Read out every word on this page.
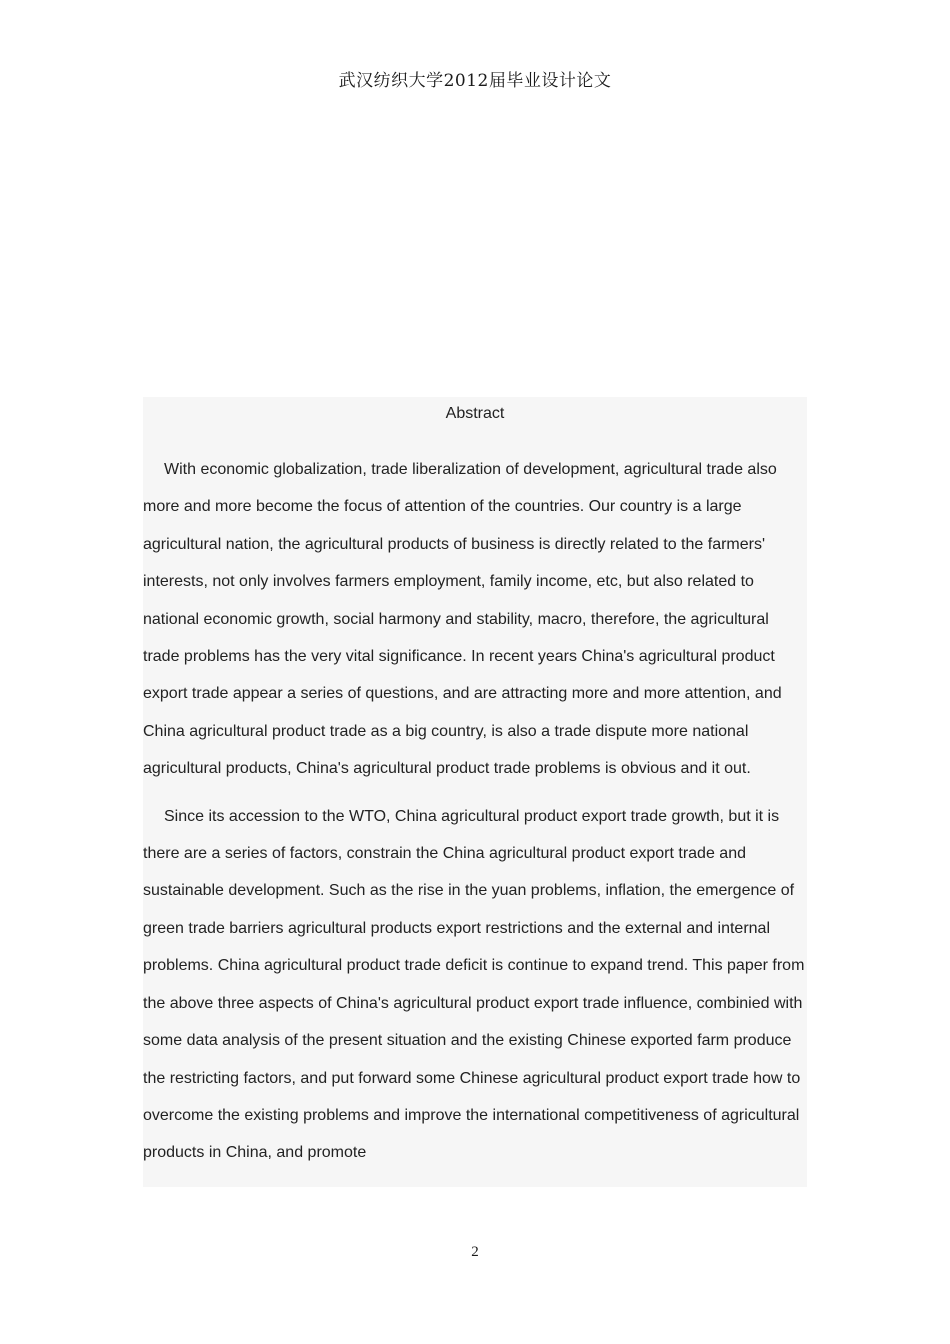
武汉纺织大学2012届毕业设计论文
Abstract

With economic globalization, trade liberalization of development, agricultural trade also more and more become the focus of attention of the countries. Our country is a large agricultural nation, the agricultural products of business is directly related to the farmers' interests, not only involves farmers employment, family income, etc, but also related to national economic growth, social harmony and stability, macro, therefore, the agricultural trade problems has the very vital significance. In recent years China's agricultural product export trade appear a series of questions, and are attracting more and more attention, and China agricultural product trade as a big country, is also a trade dispute more national agricultural products, China's agricultural product trade problems is obvious and it out.

Since its accession to the WTO, China agricultural product export trade growth, but it is there are a series of factors, constrain the China agricultural product export trade and sustainable development. Such as the rise in the yuan problems, inflation, the emergence of green trade barriers agricultural products export restrictions and the external and internal problems. China agricultural product trade deficit is continue to expand trend. This paper from the above three aspects of China's agricultural product export trade influence, combinied with some data analysis of the present situation and the existing Chinese exported farm produce the restricting factors, and put forward some Chinese agricultural product export trade how to overcome the existing problems and improve the international competitiveness of agricultural products in China, and promote

2
